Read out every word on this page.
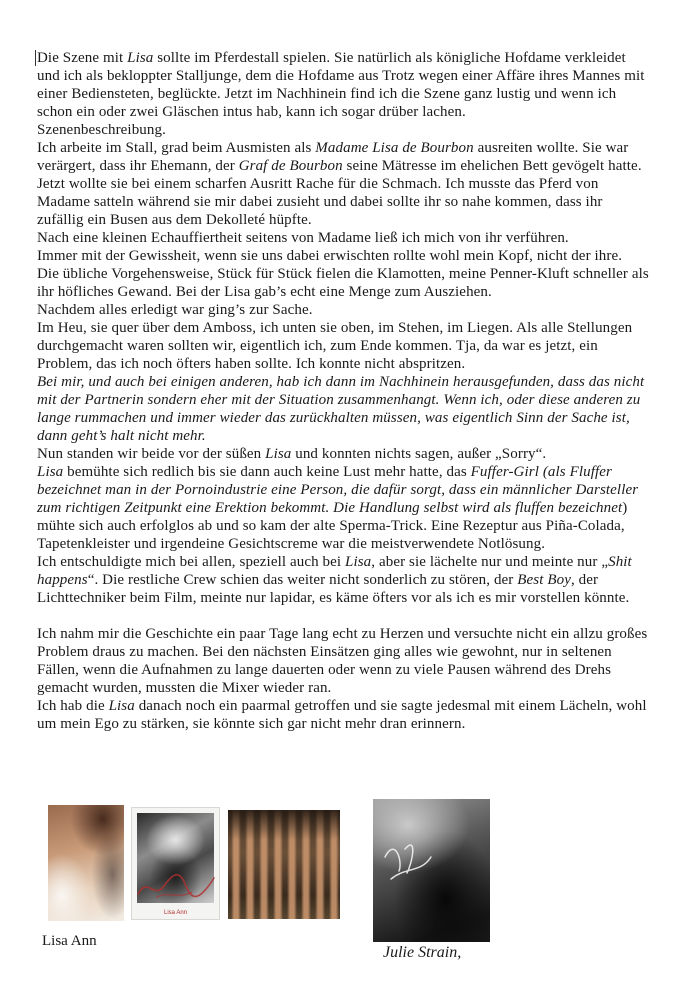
Die Szene mit Lisa sollte im Pferdestall spielen. Sie natürlich als königliche Hofdame verkleidet und ich als bekloppter Stalljunge, dem die Hofdame aus Trotz wegen einer Affäre ihres Mannes mit einer Bediensteten, beglückte. Jetzt im Nachhinein find ich die Szene ganz lustig und wenn ich schon ein oder zwei Gläschen intus hab, kann ich sogar drüber lachen.

Szenenbeschreibung.

Ich arbeite im Stall, grad beim Ausmisten als Madame Lisa de Bourbon ausreiten wollte. Sie war verärgert, dass ihr Ehemann, der Graf de Bourbon seine Mätresse im ehelichen Bett gevögelt hatte. Jetzt wollte sie bei einem scharfen Ausritt Rache für die Schmach. Ich musste das Pferd von Madame satteln während sie mir dabei zusieht und dabei sollte ihr so nahe kommen, dass ihr zufällig ein Busen aus dem Dekolleté hüpfte.

Nach eine kleinen Echauffiertheit seitens von Madame ließ ich mich von ihr verführen.

Immer mit der Gewissheit, wenn sie uns dabei erwischten rollte wohl mein Kopf, nicht der ihre.

Die übliche Vorgehensweise, Stück für Stück fielen die Klamotten, meine Penner-Kluft schneller als ihr höfliches Gewand. Bei der Lisa gab’s echt eine Menge zum Ausziehen.

Nachdem alles erledigt war ging’s zur Sache.

Im Heu, sie quer über dem Amboss, ich unten sie oben, im Stehen, im Liegen. Als alle Stellungen durchgemacht waren sollten wir, eigentlich ich, zum Ende kommen. Tja, da war es jetzt, ein Problem, das ich noch öfters haben sollte. Ich konnte nicht abspritzen.

Bei mir, und auch bei einigen anderen, hab ich dann im Nachhinein herausgefunden, dass das nicht mit der Partnerin sondern eher mit der Situation zusammenhangt. Wenn ich, oder diese anderen zu lange rummachen und immer wieder das zurückhalten müssen, was eigentlich Sinn der Sache ist, dann geht’s halt nicht mehr.

Nun standen wir beide vor der süßen Lisa und konnten nichts sagen, außer „Sorry“.

Lisa bemühte sich redlich bis sie dann auch keine Lust mehr hatte, das Fuffer-Girl (als Fluffer bezeichnet man in der Pornoindustrie eine Person, die dafür sorgt, dass ein männlicher Darsteller zum richtigen Zeitpunkt eine Erektion bekommt. Die Handlung selbst wird als fluffen bezeichnet) mühte sich auch erfolglos ab und so kam der alte Sperma-Trick. Eine Rezeptur aus Piña-Colada, Tapetenkleister und irgendeine Gesichtscreme war die meistverwendete Notlösung.

Ich entschuldigte mich bei allen, speziell auch bei Lisa, aber sie lächelte nur und meinte nur „Shit happens“. Die restliche Crew schien das weiter nicht sonderlich zu stören, der Best Boy, der Lichttechniker beim Film, meinte nur lapidar, es käme öfters vor als ich es mir vorstellen könnte.

Ich nahm mir die Geschichte ein paar Tage lang echt zu Herzen und versuchte nicht ein allzu großes Problem draus zu machen. Bei den nächsten Einsätzen ging alles wie gewohnt, nur in seltenen Fällen, wenn die Aufnahmen zu lange dauerten oder wenn zu viele Pausen während des Drehs gemacht wurden, mussten die Mixer wieder ran.

Ich hab die Lisa danach noch ein paarmal getroffen und sie sagte jedesmal mit einem Lächeln, wohl um mein Ego zu stärken, sie könnte sich gar nicht mehr dran erinnern.

Lisa Ann
Lisa Ann
Julie Strain,
